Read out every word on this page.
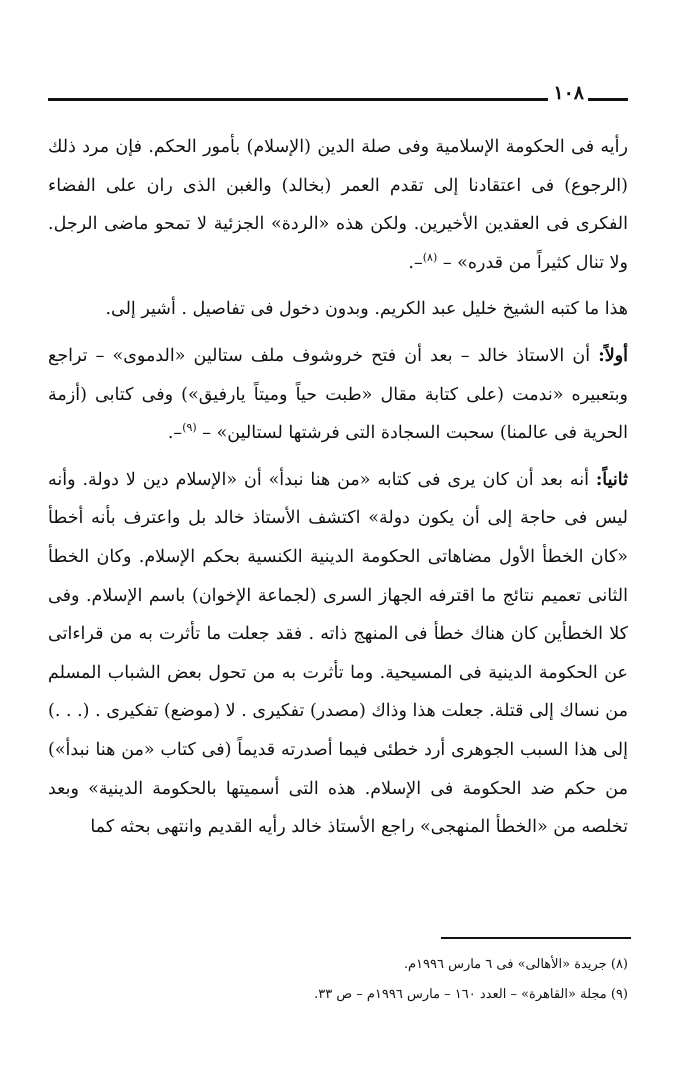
١٠٨

رأيه فى الحكومة الإسلامية وفى صلة الدين (الإسلام) بأمور الحكم. فإن مرد ذلك (الرجوع) فى اعتقادنا إلى تقدم العمر (بخالد) والغبن الذى ران على الفضاء الفكرى فى العقدين الأخيرين. ولكن هذه «الردة» الجزئية لا تمحو ماضى الرجل. ولا تنال كثيراً من قدره» – $^{(٨)}$–.

هذا ما كتبه الشيخ خليل عبد الكريم. وبدون دخول فى تفاصيل . أشير إلى.

أولاً: أن الاستاذ خالد – بعد أن فتح خروشوف ملف ستالين «الدموى» – تراجع وبتعبيره «ندمت (على كتابة مقال «طبت حياً وميتاً يارفيق») وفى كتابى (أزمة الحرية فى عالمنا) سحبت السجادة التى فرشتها لستالين» – $^{(٩)}$–.

ثانياً: أنه بعد أن كان يرى فى كتابه «من هنا نبدأ» أن «الإسلام دين لا دولة. وأنه ليس فى حاجة إلى أن يكون دولة» اكتشف الأستاذ خالد بل واعترف بأنه أخطأ «كان الخطأ الأول مضاهاتى الحكومة الدينية الكنسية بحكم الإسلام. وكان الخطأ الثانى تعميم نتائج ما اقترفه الجهاز السرى (لجماعة الإخوان) باسم الإسلام. وفى كلا الخطأين كان هناك خطأ فى المنهج ذاته . فقد جعلت ما تأثرت به من قراءاتى عن الحكومة الدينية فى المسيحية. وما تأثرت به من تحول بعض الشباب المسلم من نساك إلى قتلة. جعلت هذا وذاك (مصدر) تفكيرى . لا (موضع) تفكيرى . (. . .) إلى هذا السبب الجوهرى أرد خطئى فيما أصدرته قديماً (فى كتاب «من هنا نبدأ») من حكم ضد الحكومة فى الإسلام. هذه التى أسميتها بالحكومة الدينية» وبعد تخلصه من «الخطأ المنهجى» راجع الأستاذ خالد رأيه القديم وانتهى بحثه كما

(٨) جريدة «الأهالى» فى ٦ مارس ١٩٩٦م.

(٩) مجلة «القاهرة» – العدد ١٦٠ – مارس ١٩٩٦م – ص ٣٣.
